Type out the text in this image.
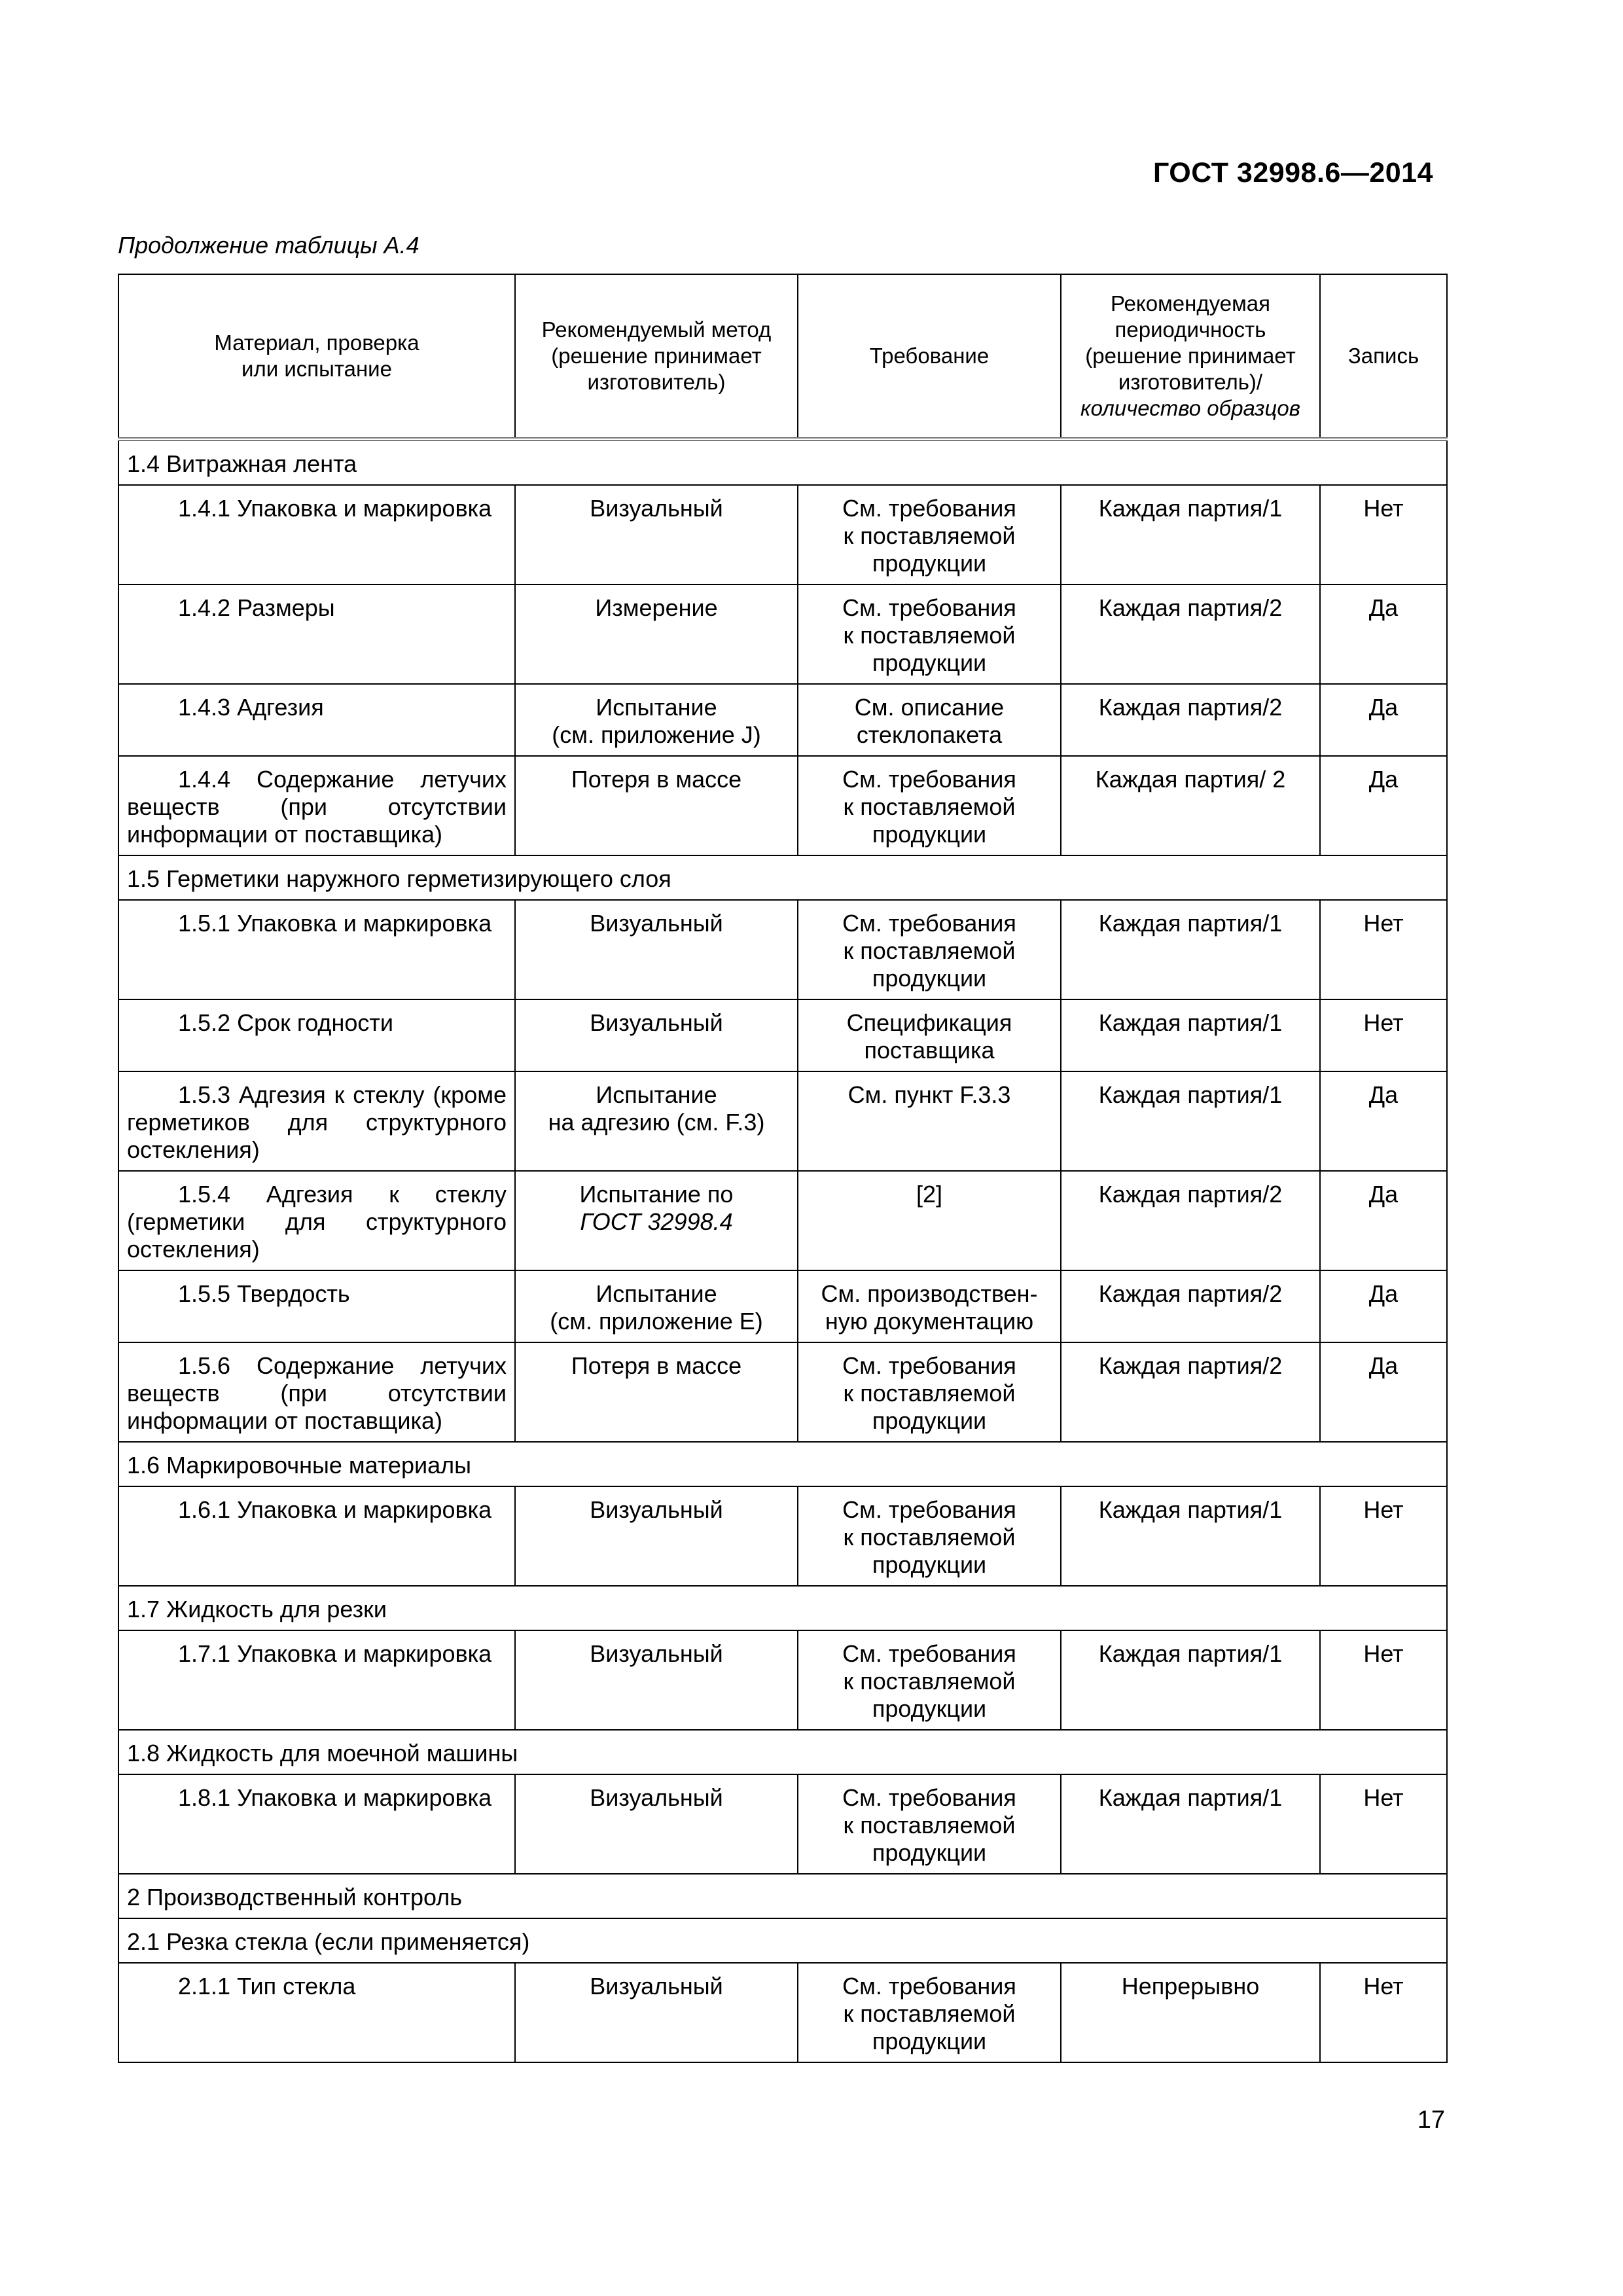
ГОСТ 32998.6—2014
Продолжение таблицы А.4
Материал, проверка
или испытание	Рекомендуемый метод
(решение принимает
изготовитель)	Требование	Рекомендуемая
периодичность
(решение принимает
изготовитель)/
количество образцов	Запись
1.4 Витражная лента				
1.4.1 Упаковка и маркировка	Визуальный	См. требования
к поставляемой
продукции	Каждая партия/1	Нет
1.4.2 Размеры	Измерение	См. требования
к поставляемой
продукции	Каждая партия/2	Да
1.4.3 Адгезия	Испытание
(см. приложение J)	См. описание
стеклопакета	Каждая партия/2	Да
1.4.4 Содержание летучих веществ (при отсутствии информации от поставщика)	Потеря в массе	См. требования
к поставляемой
продукции	Каждая партия/ 2	Да
1.5 Герметики наружного герметизирующего слоя				
1.5.1 Упаковка и маркировка	Визуальный	См. требования
к поставляемой
продукции	Каждая партия/1	Нет
1.5.2 Срок годности	Визуальный	Спецификация
поставщика	Каждая партия/1	Нет
1.5.3 Адгезия к стеклу (кроме герметиков для структурного остекления)	Испытание
на адгезию (см. F.3)	См. пункт F.3.3	Каждая партия/1	Да
1.5.4 Адгезия к стеклу (герметики для структурного остекления)	Испытание по
ГОСТ 32998.4	[2]	Каждая партия/2	Да
1.5.5 Твердость	Испытание
(см. приложение Е)	См. производствен-
ную документацию	Каждая партия/2	Да
1.5.6 Содержание летучих веществ (при отсутствии информации от поставщика)	Потеря в массе	См. требования
к поставляемой
продукции	Каждая партия/2	Да
1.6 Маркировочные материалы				
1.6.1 Упаковка и маркировка	Визуальный	См. требования
к поставляемой
продукции	Каждая партия/1	Нет
1.7 Жидкость для резки				
1.7.1 Упаковка и маркировка	Визуальный	См. требования
к поставляемой
продукции	Каждая партия/1	Нет
1.8 Жидкость для моечной машины				
1.8.1 Упаковка и маркировка	Визуальный	См. требования
к поставляемой
продукции	Каждая партия/1	Нет
2 Производственный контроль				
2.1 Резка стекла (если применяется)				
2.1.1 Тип стекла	Визуальный	См. требования
к поставляемой
продукции	Непрерывно	Нет
17
